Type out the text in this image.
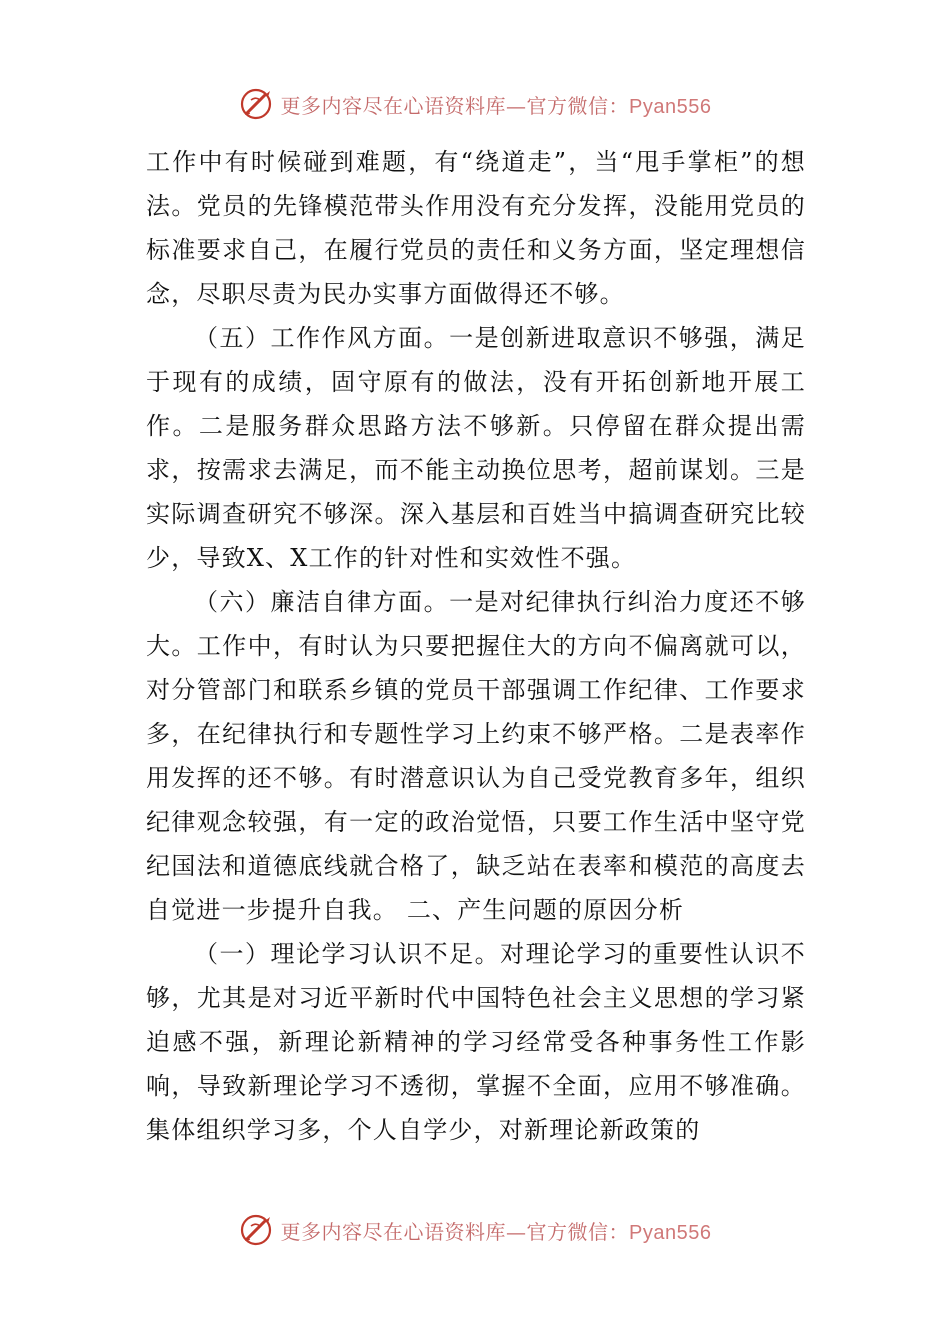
更多内容尽在心语资料库—官方微信：Pyan556

工作中有时候碰到难题，有“绕道走”，当“甩手掌柜”的想法。党员的先锋模范带头作用没有充分发挥，没能用党员的标准要求自己，在履行党员的责任和义务方面，坚定理想信念，尽职尽责为民办实事方面做得还不够。

（五）工作作风方面。一是创新进取意识不够强，满足于现有的成绩，固守原有的做法，没有开拓创新地开展工作。二是服务群众思路方法不够新。只停留在群众提出需求，按需求去满足，而不能主动换位思考，超前谋划。三是实际调查研究不够深。深入基层和百姓当中搞调查研究比较少，导致X、X工作的针对性和实效性不强。

（六）廉洁自律方面。一是对纪律执行纠治力度还不够大。工作中，有时认为只要把握住大的方向不偏离就可以，对分管部门和联系乡镇的党员干部强调工作纪律、工作要求多，在纪律执行和专题性学习上约束不够严格。二是表率作用发挥的还不够。有时潜意识认为自己受党教育多年，组织纪律观念较强，有一定的政治觉悟，只要工作生活中坚守党纪国法和道德底线就合格了，缺乏站在表率和模范的高度去自觉进一步提升自我。 二、产生问题的原因分析

（一）理论学习认识不足。对理论学习的重要性认识不够，尤其是对习近平新时代中国特色社会主义思想的学习紧迫感不强，新理论新精神的学习经常受各种事务性工作影响，导致新理论学习不透彻，掌握不全面，应用不够准确。集体组织学习多，个人自学少，对新理论新政策的

更多内容尽在心语资料库—官方微信：Pyan556
